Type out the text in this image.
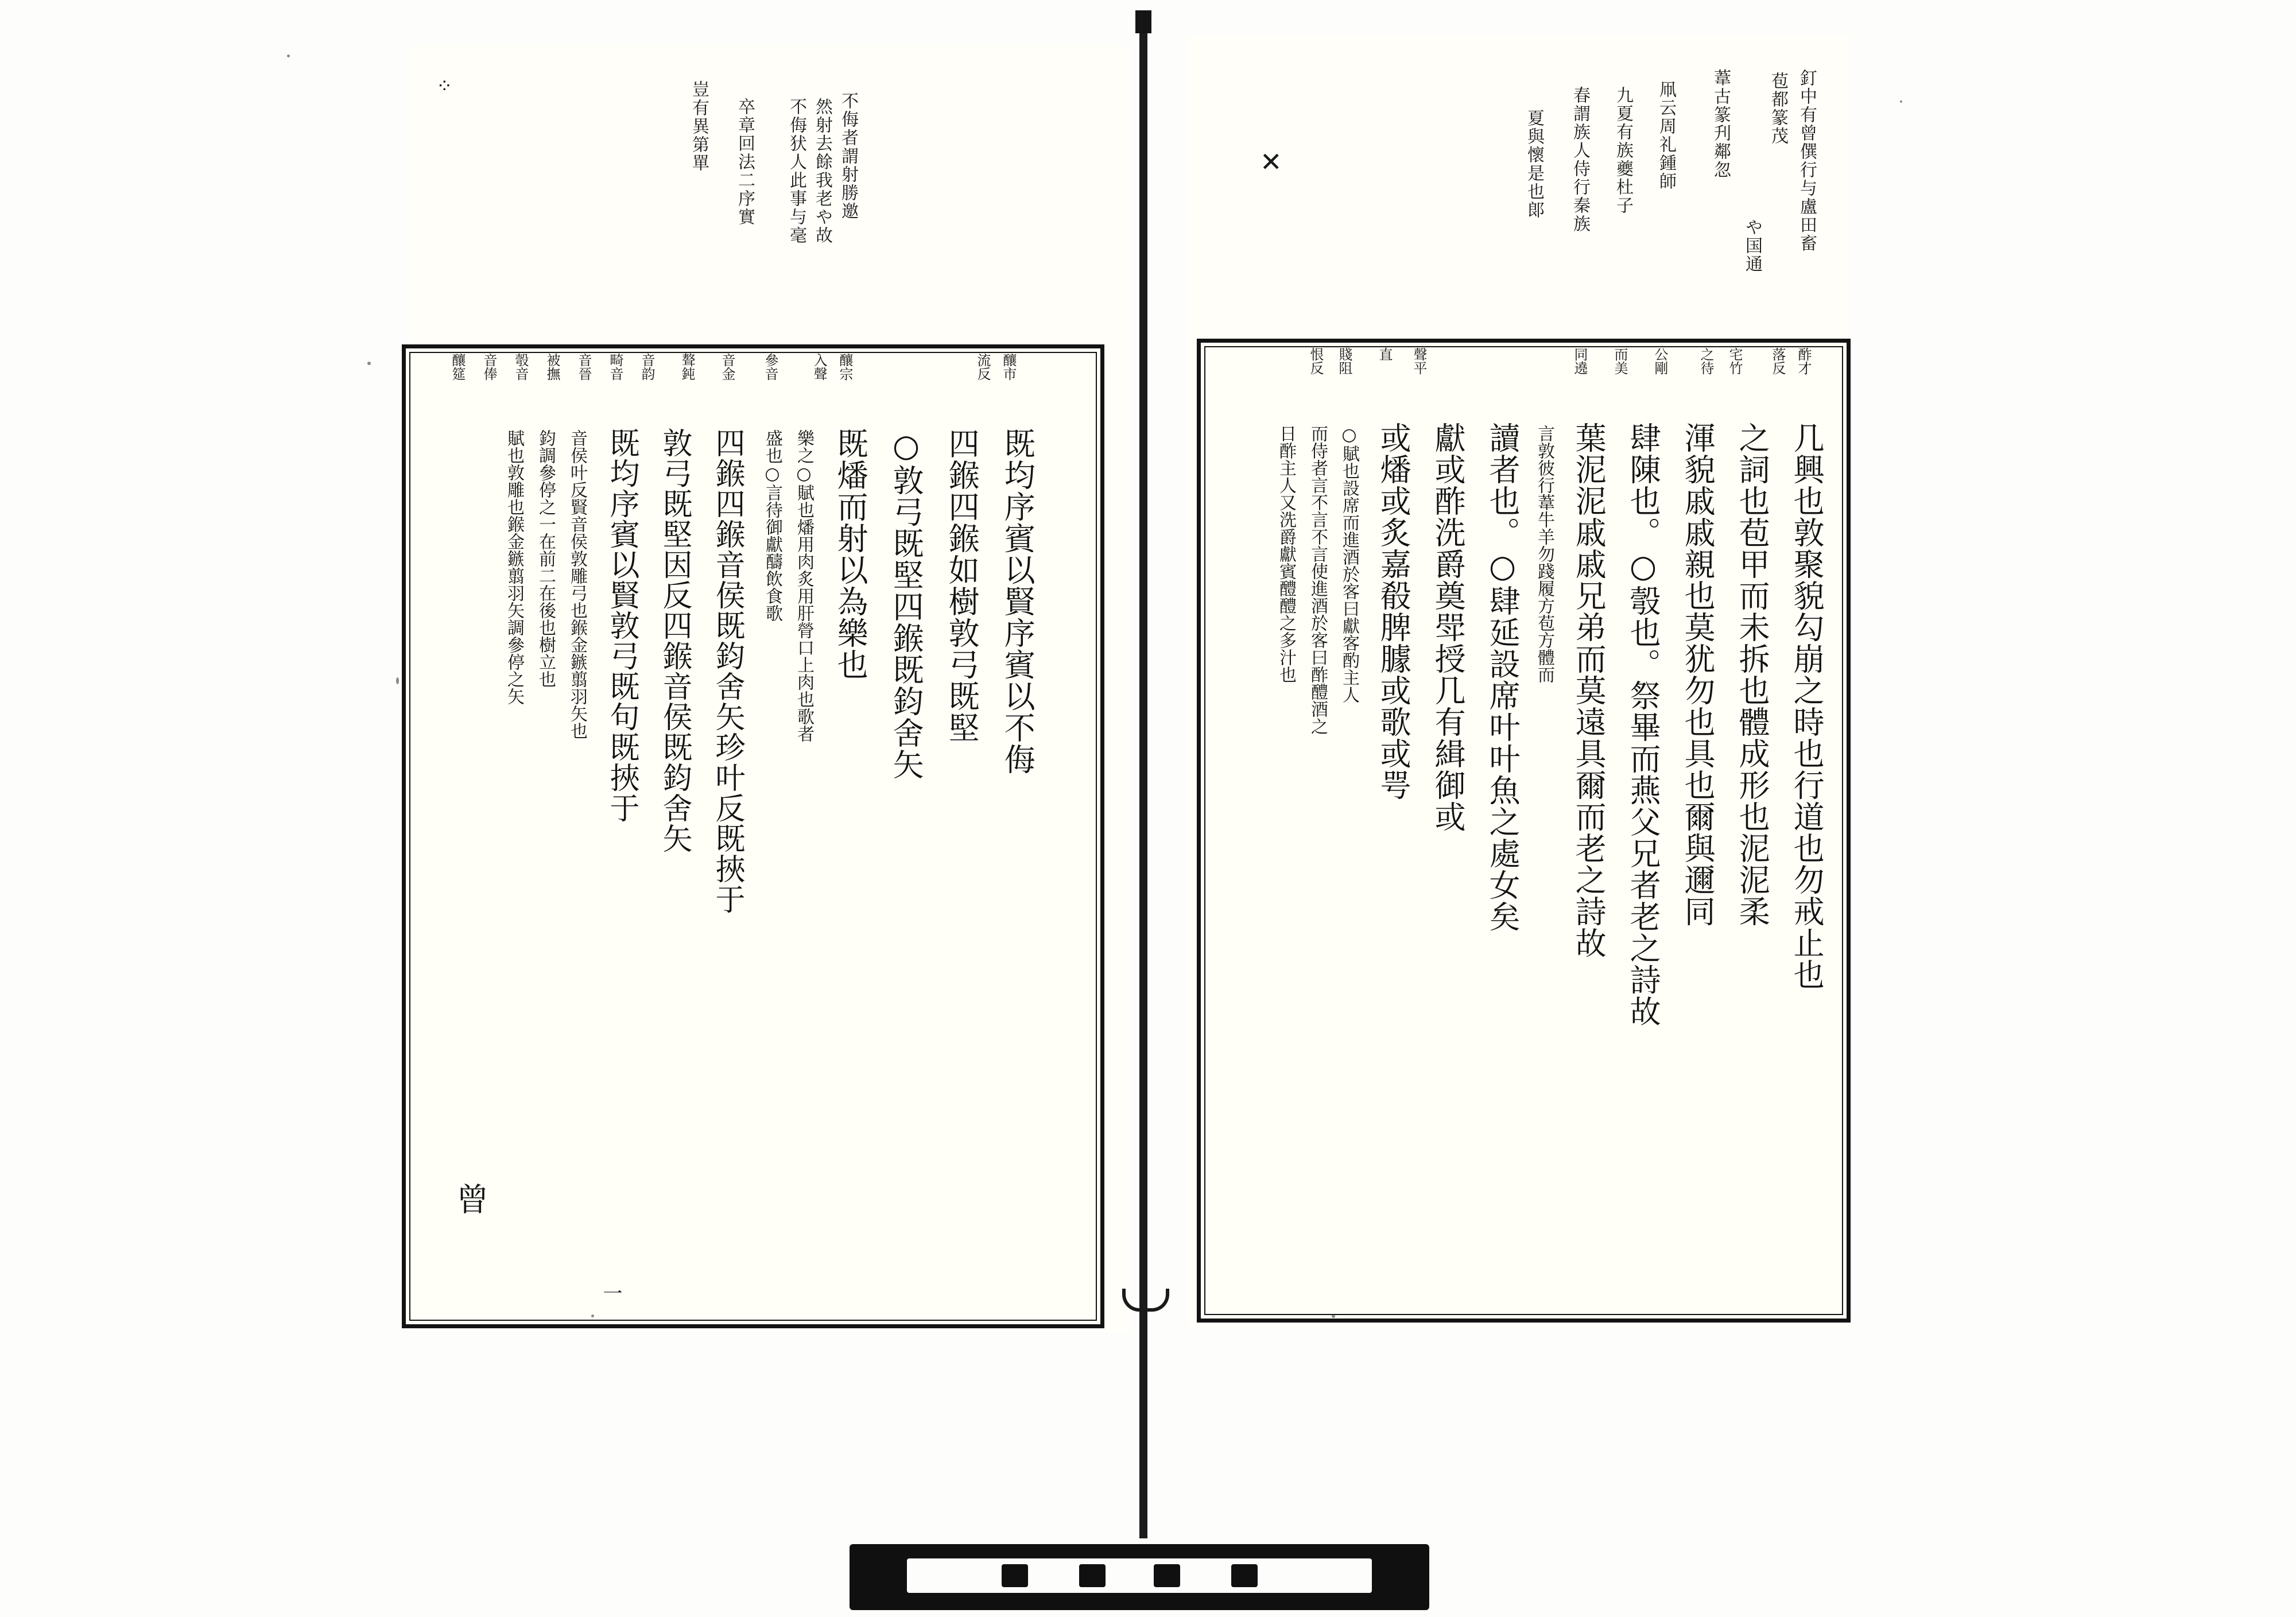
不侮者謂射勝邀
然射去餘我老や故
不侮犾人此事与毫
卒章回法二序實
豈有異第單
釀市
流反
釀宗
入聲
參音
音金
聱鈍
音韵
畸音
音晉
被撫
彀音
音俸
釀筵
既均序賓以賢序賓以不侮
四鍭四鍭如樹敦弓既堅
○敦弓既堅四鍭既鈞舍矢
既燔而射以為樂也
樂之○賦也燔用肉炙用肝膋口上肉也歌者
盛也○言待御獻醻飲食歌
四鍭四鍭音侯既鈞舍矢珍叶反既挾于
敦弓既堅因反四鍭音侯既鈞舍矢
既均序賓以賢敦弓既句既挾于
音侯叶反賢音侯敦雕弓也鍭金鏃翦羽矢也
鈞調參停之一在前二在後也樹立也
賦也敦雕也鍭金鏃翦羽矢調參停之矢
曾
一
釘中有曾僎行与盧田畜
苞都篆茂
や国通
葦古篆刋鄰忽
凧云周礼鍾師
九夏有族夔杜子
春謂族人侍行秦族
夏與懷是也郞
酢才
落反
宅竹
之待
公剛
而美
同遶
聲平
直
賤阻
恨反
几興也敦聚貌勾崩之時也行道也勿戒止也
之詞也苞甲而未拆也體成形也泥泥柔
渾貌戚戚親也莫犹勿也具也爾與邇同
肆陳也。○彀也。祭畢而燕父兄者老之詩故
葉泥泥戚戚兄弟而莫遠具爾而老之詩故
言敦彼行葦牛羊勿踐履方苞方體而
讀者也。○肆延設席叶叶魚之處女矣
獻或酢洗爵奠斝授几有緝御或
或燔或炙嘉殽脾臄或歌或咢
○賦也設席而進酒於客曰獻客酌主人
而侍者言不言不言使進酒於客曰酢醴酒之
日酢主人又洗爵獻賓醴醴之多汁也
✕
⁘
